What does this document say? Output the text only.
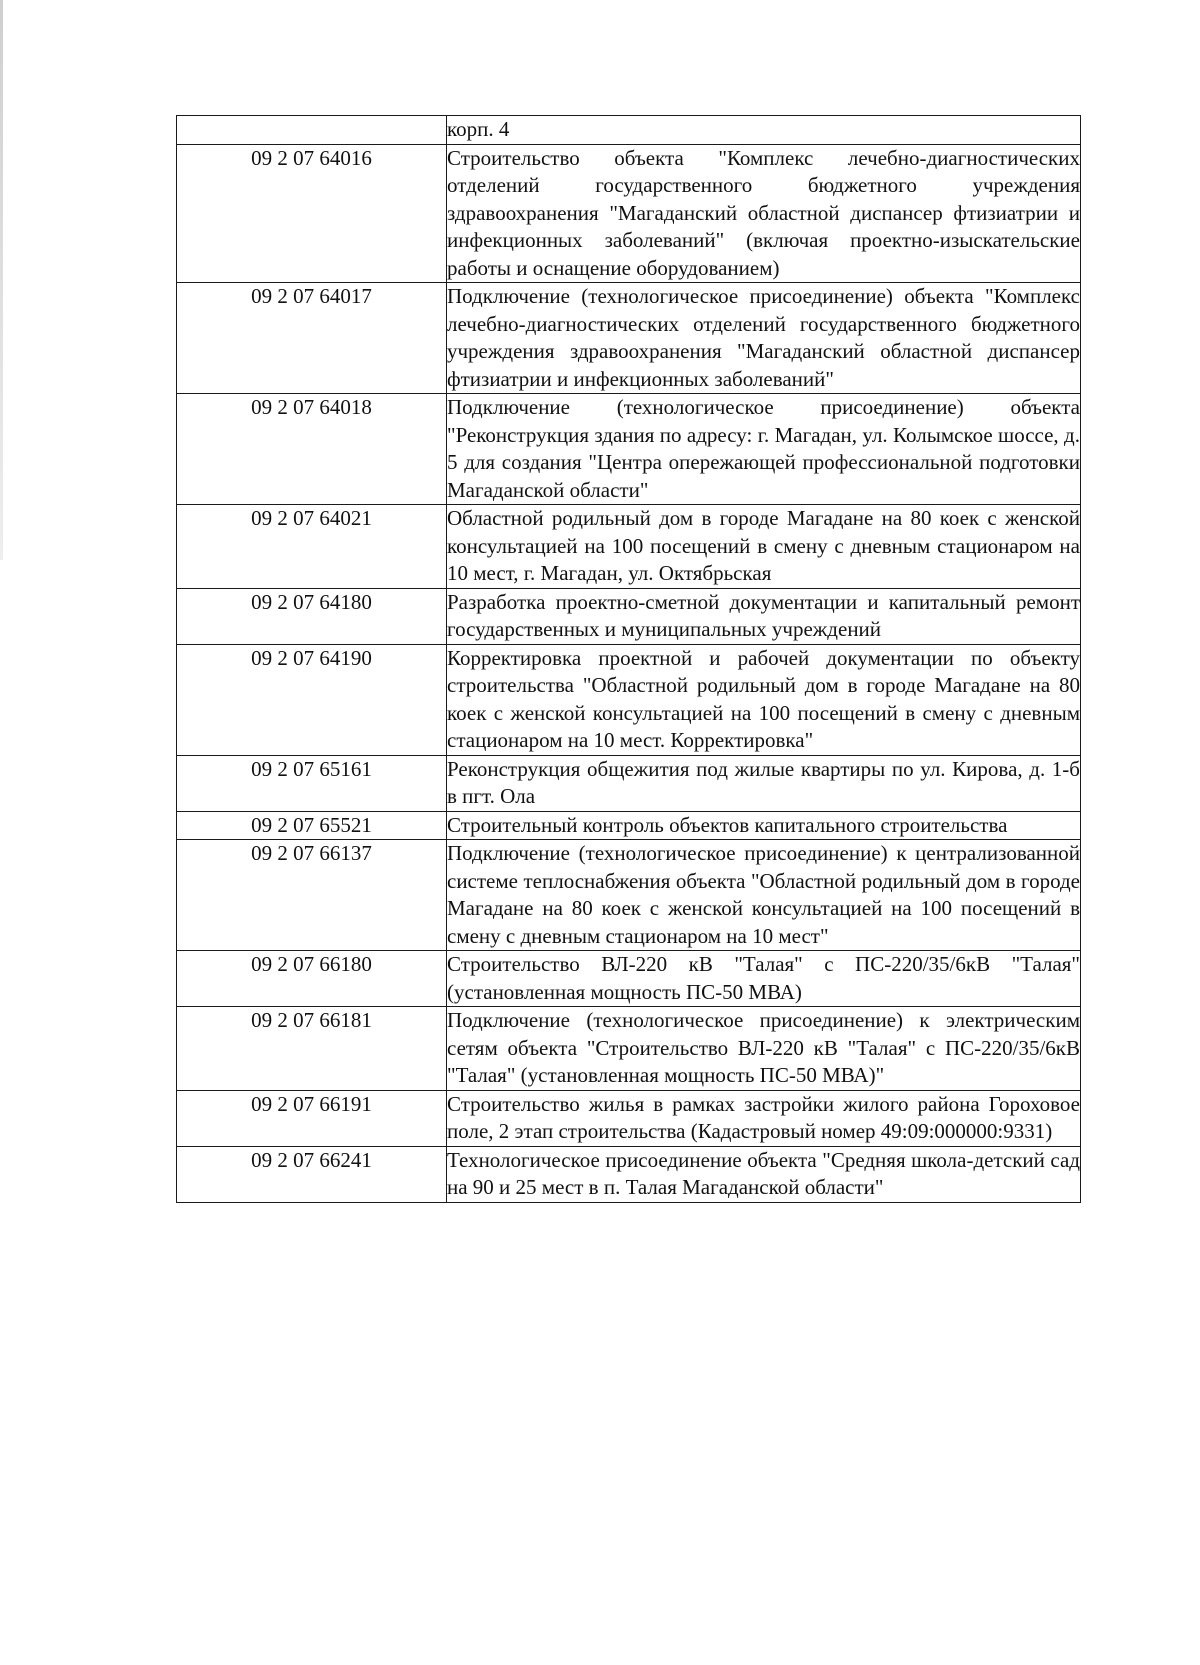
	корп. 4
09 2 07 64016	Строительство объекта "Комплекс лечебно-диагностических отделений государственного бюджетного учреждения здравоохранения "Магаданский областной диспансер фтизиатрии и инфекционных заболеваний" (включая проектно-изыскательские работы и оснащение оборудованием)
09 2 07 64017	Подключение (технологическое присоединение) объекта "Комплекс лечебно-диагностических отделений государственного бюджетного учреждения здравоохранения "Магаданский областной диспансер фтизиатрии и инфекционных заболеваний"
09 2 07 64018	Подключение (технологическое присоединение) объекта "Реконструкция здания по адресу: г. Магадан, ул. Колымское шоссе, д. 5 для создания "Центра опережающей профессиональной подготовки Магаданской области"
09 2 07 64021	Областной родильный дом в городе Магадане на 80 коек с женской консультацией на 100 посещений в смену с дневным стационаром на 10 мест, г. Магадан, ул. Октябрьская
09 2 07 64180	Разработка проектно-сметной документации и капитальный ремонт государственных и муниципальных учреждений
09 2 07 64190	Корректировка проектной и рабочей документации по объекту строительства "Областной родильный дом в городе Магадане на 80 коек с женской консультацией на 100 посещений в смену с дневным стационаром на 10 мест. Корректировка"
09 2 07 65161	Реконструкция общежития под жилые квартиры по ул. Кирова, д. 1-б в пгт. Ола
09 2 07 65521	Строительный контроль объектов капитального строительства
09 2 07 66137	Подключение (технологическое присоединение) к централизованной системе теплоснабжения объекта "Областной родильный дом в городе Магадане на 80 коек с женской консультацией на 100 посещений в смену с дневным стационаром на 10 мест"
09 2 07 66180	Строительство ВЛ-220 кВ "Талая" с ПС-220/35/6кВ "Талая" (установленная мощность ПС-50 МВА)
09 2 07 66181	Подключение (технологическое присоединение) к электрическим сетям объекта "Строительство ВЛ-220 кВ "Талая" с ПС-220/35/6кВ "Талая" (установленная мощность ПС-50 МВА)"
09 2 07 66191	Строительство жилья в рамках застройки жилого района Гороховое поле, 2 этап строительства (Кадастровый номер 49:09:000000:9331)
09 2 07 66241	Технологическое присоединение объекта "Средняя школа-детский сад на 90 и 25 мест в п. Талая Магаданской области"
